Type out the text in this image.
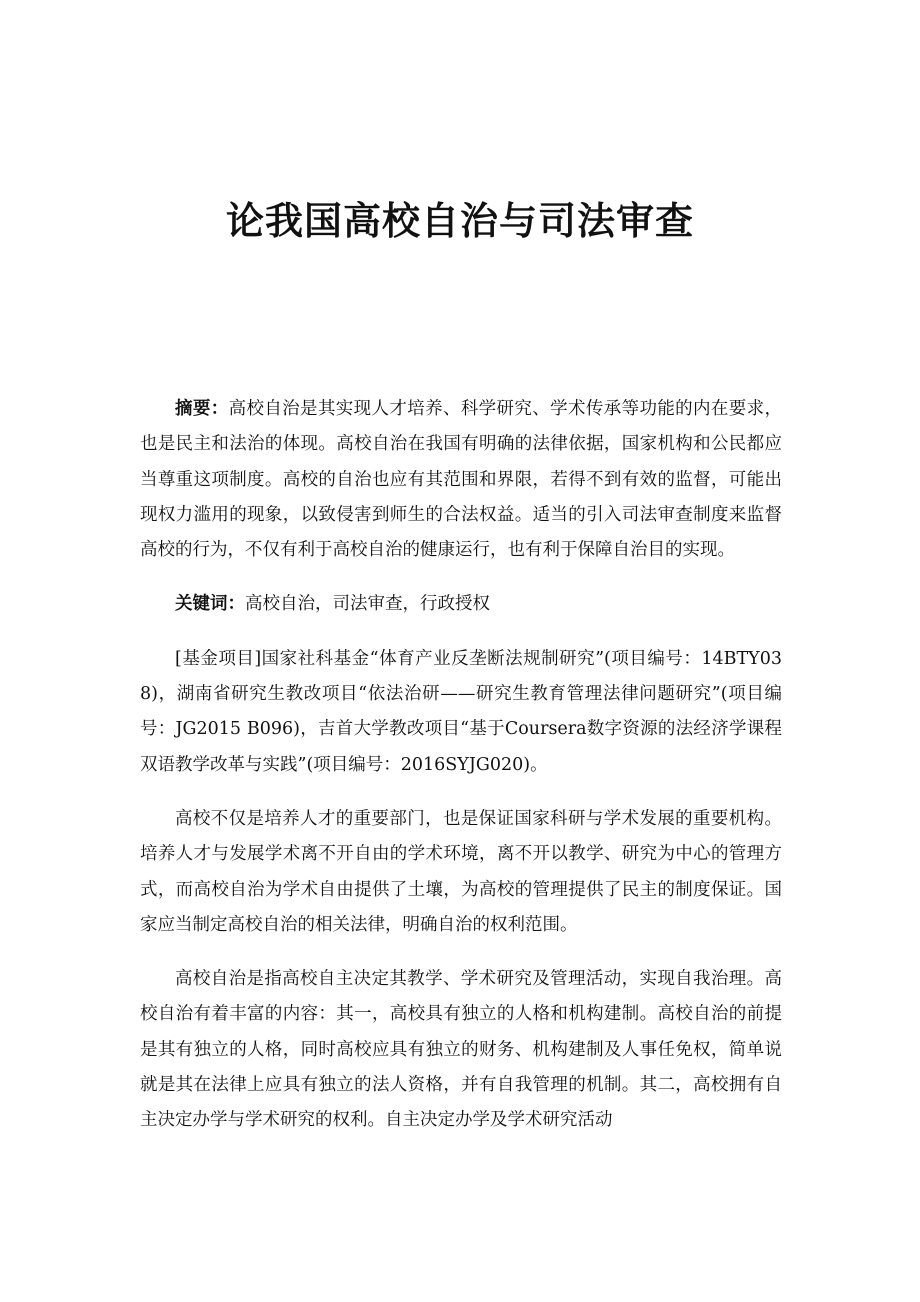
论我国高校自治与司法审查

摘要：高校自治是其实现人才培养、科学研究、学术传承等功能的内在要求，也是民主和法治的体现。高校自治在我国有明确的法律依据，国家机构和公民都应当尊重这项制度。高校的自治也应有其范围和界限，若得不到有效的监督，可能出现权力滥用的现象，以致侵害到师生的合法权益。适当的引入司法审查制度来监督高校的行为，不仅有利于高校自治的健康运行，也有利于保障自治目的实现。

关键词：高校自治，司法审查，行政授权

[基金项目]国家社科基金“体育产业反垄断法规制研究”(项目编号：14BTY038)，湖南省研究生教改项目“依法治研——研究生教育管理法律问题研究”(项目编号：JG2015 B096)，吉首大学教改项目“基于Coursera数字资源的法经济学课程双语教学改革与实践”(项目编号：2016SYJG020)。

高校不仅是培养人才的重要部门，也是保证国家科研与学术发展的重要机构。培养人才与发展学术离不开自由的学术环境，离不开以教学、研究为中心的管理方式，而高校自治为学术自由提供了土壤，为高校的管理提供了民主的制度保证。国家应当制定高校自治的相关法律，明确自治的权利范围。

高校自治是指高校自主决定其教学、学术研究及管理活动，实现自我治理。高校自治有着丰富的内容：其一，高校具有独立的人格和机构建制。高校自治的前提是其有独立的人格，同时高校应具有独立的财务、机构建制及人事任免权，简单说就是其在法律上应具有独立的法人资格，并有自我管理的机制。其二，高校拥有自主决定办学与学术研究的权利。自主决定办学及学术研究活动
